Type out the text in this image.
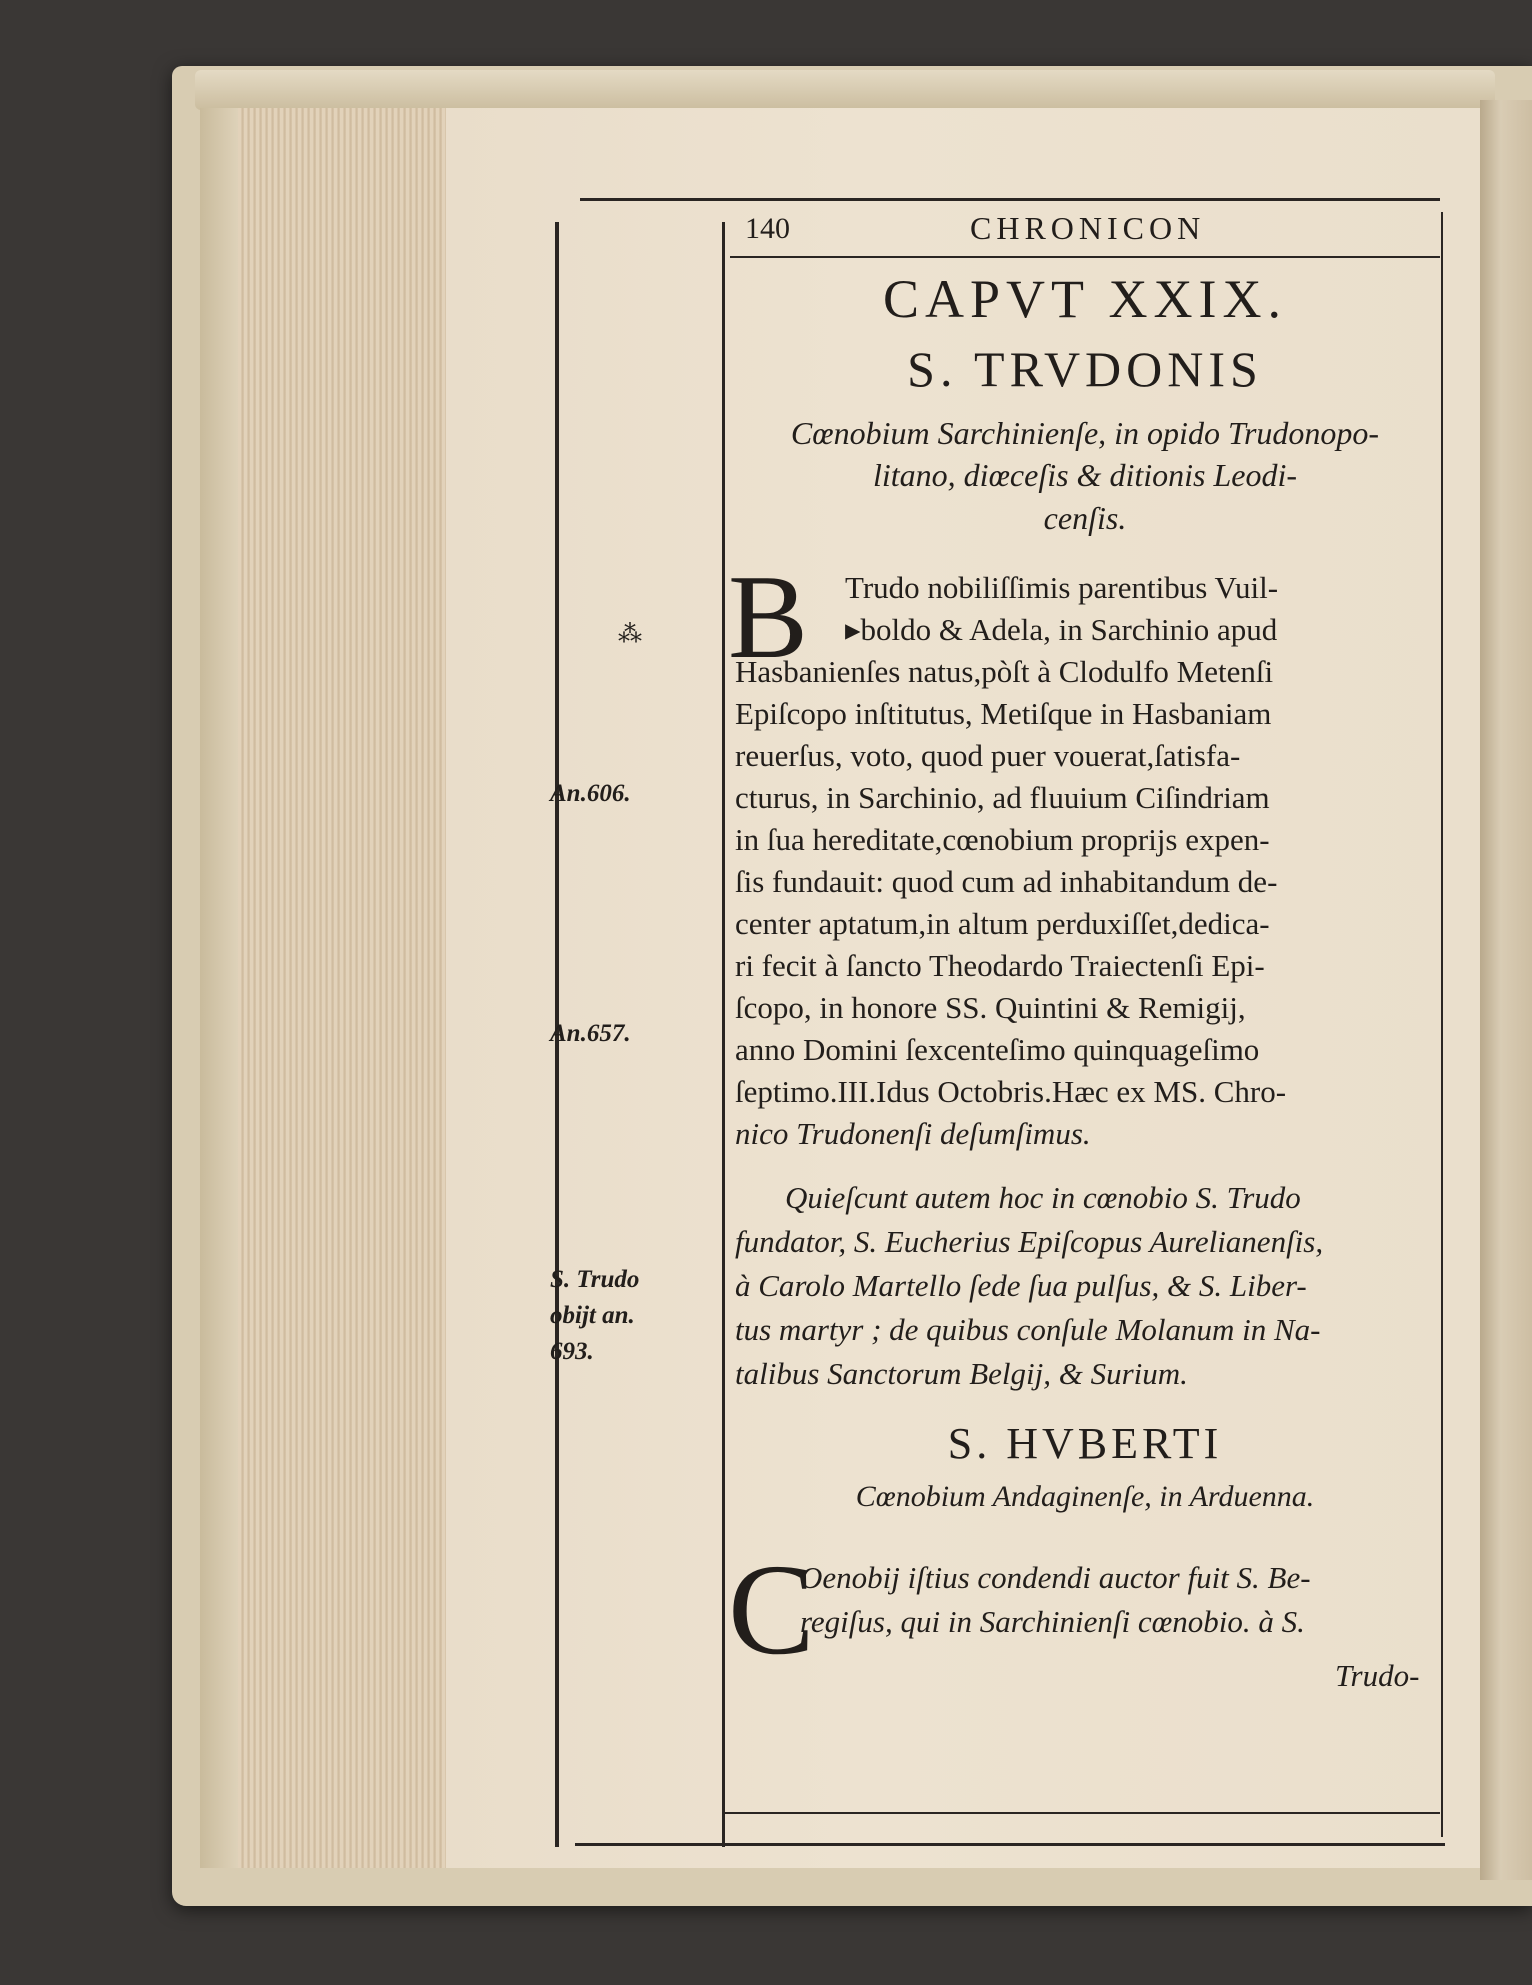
140	CHRONICON
CAPVT XXIX.
S. TRVDONIS
Cœnobium Sarchinienſe, in opido Trudonopo-
litano, diœceſis & ditionis Leodi-
cenſis.
B Trudo nobiliſſimis parentibus Vuil-
▸boldo & Adela, in Sarchinio apud
Hasbanienſes natus,pòſt à Clodulfo Metenſi
Epiſcopo inſtitutus, Metiſque in Hasbaniam
reuerſus, voto, quod puer vouerat,ſatisfa-
cturus, in Sarchinio, ad fluuium Ciſindriam
in ſua hereditate,cœnobium proprijs expen-
ſis fundauit: quod cum ad inhabitandum de-
center aptatum,in altum perduxiſſet,dedica-
ri fecit à ſancto Theodardo Traiectenſi Epi-
ſcopo, in honore SS. Quintini & Remigij,
anno Domini ſexcenteſimo quinquageſimo
ſeptimo.III.Idus Octobris.Hæc ex MS. Chro-
nico Trudonenſi deſumſimus.
Quieſcunt autem hoc in cœnobio S. Trudo
fundator, S. Eucherius Epiſcopus Aurelianenſis,
à Carolo Martello ſede ſua pulſus, & S. Liber-
tus martyr ; de quibus conſule Molanum in Na-
talibus Sanctorum Belgij, & Surium.
S. HVBERTI
Cœnobium Andaginenſe, in Arduenna.
C
Oenobij iſtius condendi auctor fuit S. Be-
regiſus, qui in Sarchinienſi cœnobio. à S.
Trudo-
⁂
An.606.
An.657.
S. Trudo
obijt an.
693.
